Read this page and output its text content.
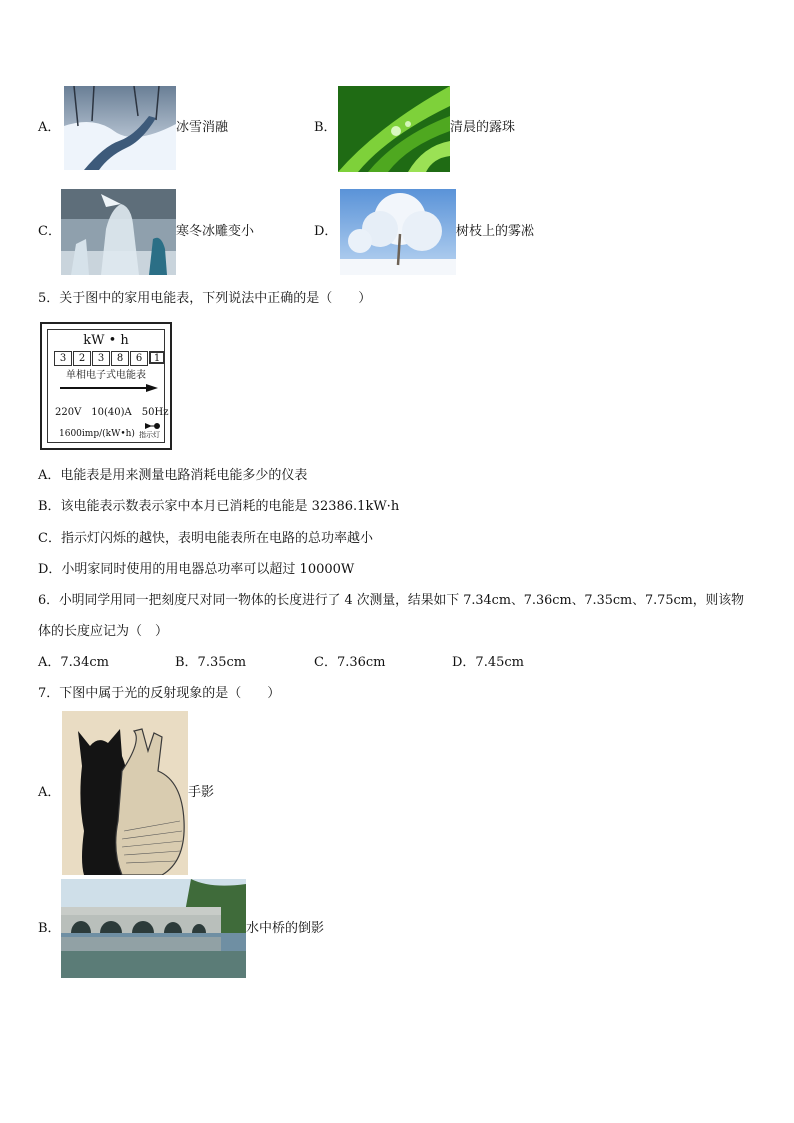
A．	冰雪消融	B．	清晨的露珠
C．	寒冬冰雕变小	D．	树枝上的雾凇
5．关于图中的家用电能表，下列说法中正确的是（　　）
kW • h
3	2	3	8	6	1
单相电子式电能表
220V　10(40)A　50Hz
1600imp/(kW•h) 指示灯
A．电能表是用来测量电路消耗电能多少的仪表
B．该电能表示数表示家中本月已消耗的电能是 32386.1kW·h
C．指示灯闪烁的越快，表明电能表所在电路的总功率越小
D．小明家同时使用的用电器总功率可以超过 10000W
6．小明同学用同一把刻度尺对同一物体的长度进行了 4 次测量，结果如下 7.34cm、7.36cm、7.35cm、7.75cm，则该物
体的长度应记为（　）
A．7.34cm	B．7.35cm	C．7.36cm	D．7.45cm
7．下图中属于光的反射现象的是（　　）
A．	手影
B．	水中桥的倒影
